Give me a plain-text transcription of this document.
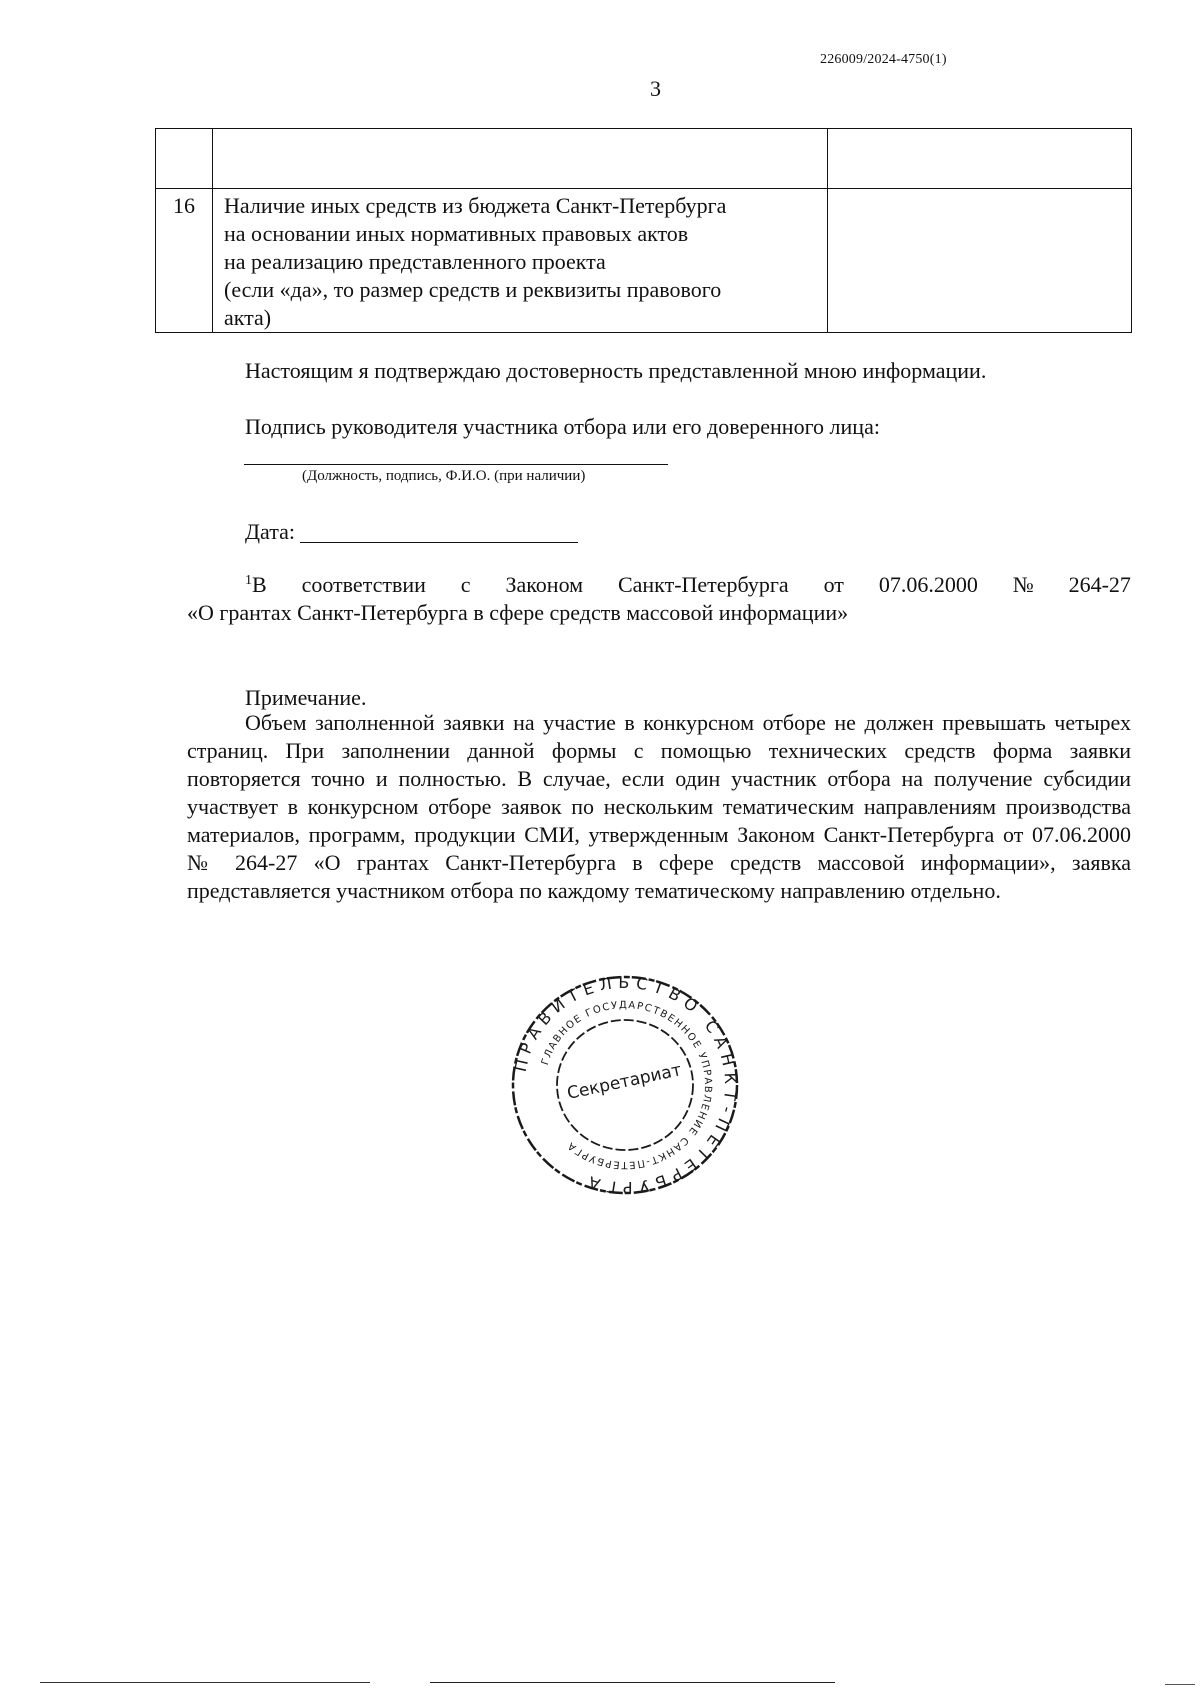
226009/2024-4750(1)
3

16	Наличие иных средств из бюджета Санкт-Петербурга
на основании иных нормативных правовых актов
на реализацию представленного проекта
(если «да», то размер средств и реквизиты правового
акта)	

Настоящим я подтверждаю достоверность представленной мною информации.
Подпись руководителя участника отбора или его доверенного лица:
(Должность, подпись, Ф.И.О. (при наличии)
Дата:
$^1$В соответствии с Законом Санкт-Петербурга от 07.06.2000 № 264-27
«О грантах Санкт-Петербурга в сфере средств массовой информации»
Примечание.
Объем заполненной заявки на участие в конкурсном отборе не должен превышать четырех страниц. При заполнении данной формы с помощью технических средств форма заявки повторяется точно и полностью. В случае, если один участник отбора на получение субсидии участвует в конкурсном отборе заявок по нескольким тематическим направлениям производства материалов, программ, продукции СМИ, утвержденным Законом Санкт-Петербурга от 07.06.2000 № 264-27 «О грантах Санкт-Петербурга в сфере средств массовой информации», заявка представляется участником отбора по каждому тематическому направлению отдельно.
ПРАВИТЕЛЬСТВО САНКТ-ПЕТЕРБУРГА
ГЛАВНОЕ ГОСУДАРСТВЕННОЕ УПРАВЛЕНИЕ САНКТ-ПЕТЕРБУРГА
Секретариат
